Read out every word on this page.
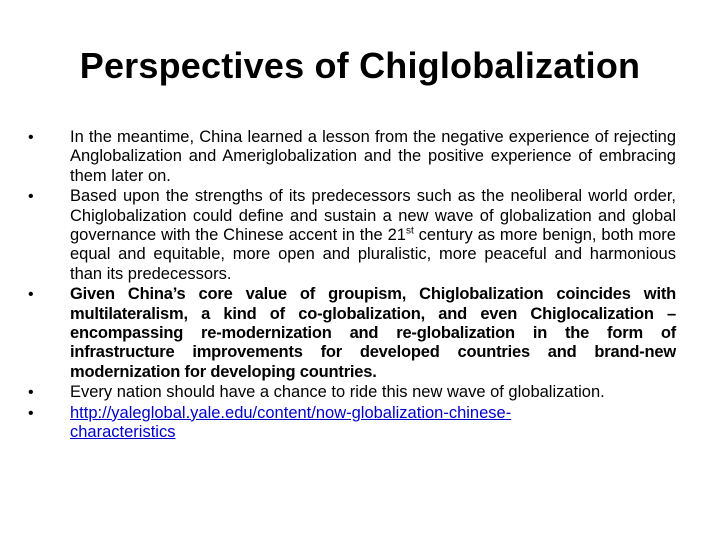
Perspectives of Chiglobalization
•	In the meantime, China learned a lesson from the negative experience of rejecting Anglobalization and Ameriglobalization and the positive experience of embracing them later on.
•	Based upon the strengths of its predecessors such as the neoliberal world order, Chiglobalization could define and sustain a new wave of globalization and global governance with the Chinese accent in the 21st century as more benign, both more equal and equitable, more open and pluralistic, more peaceful and harmonious than its predecessors.
•	Given China’s core value of groupism, Chiglobalization coincides with multilateralism, a kind of co-globalization, and even Chiglocalization – encompassing re-modernization and re-globalization in the form of infrastructure improvements for developed countries and brand-new modernization for developing countries.
•	Every nation should have a chance to ride this new wave of globalization.
•	http://yaleglobal.yale.edu/content/now-globalization-chinese-
characteristics
